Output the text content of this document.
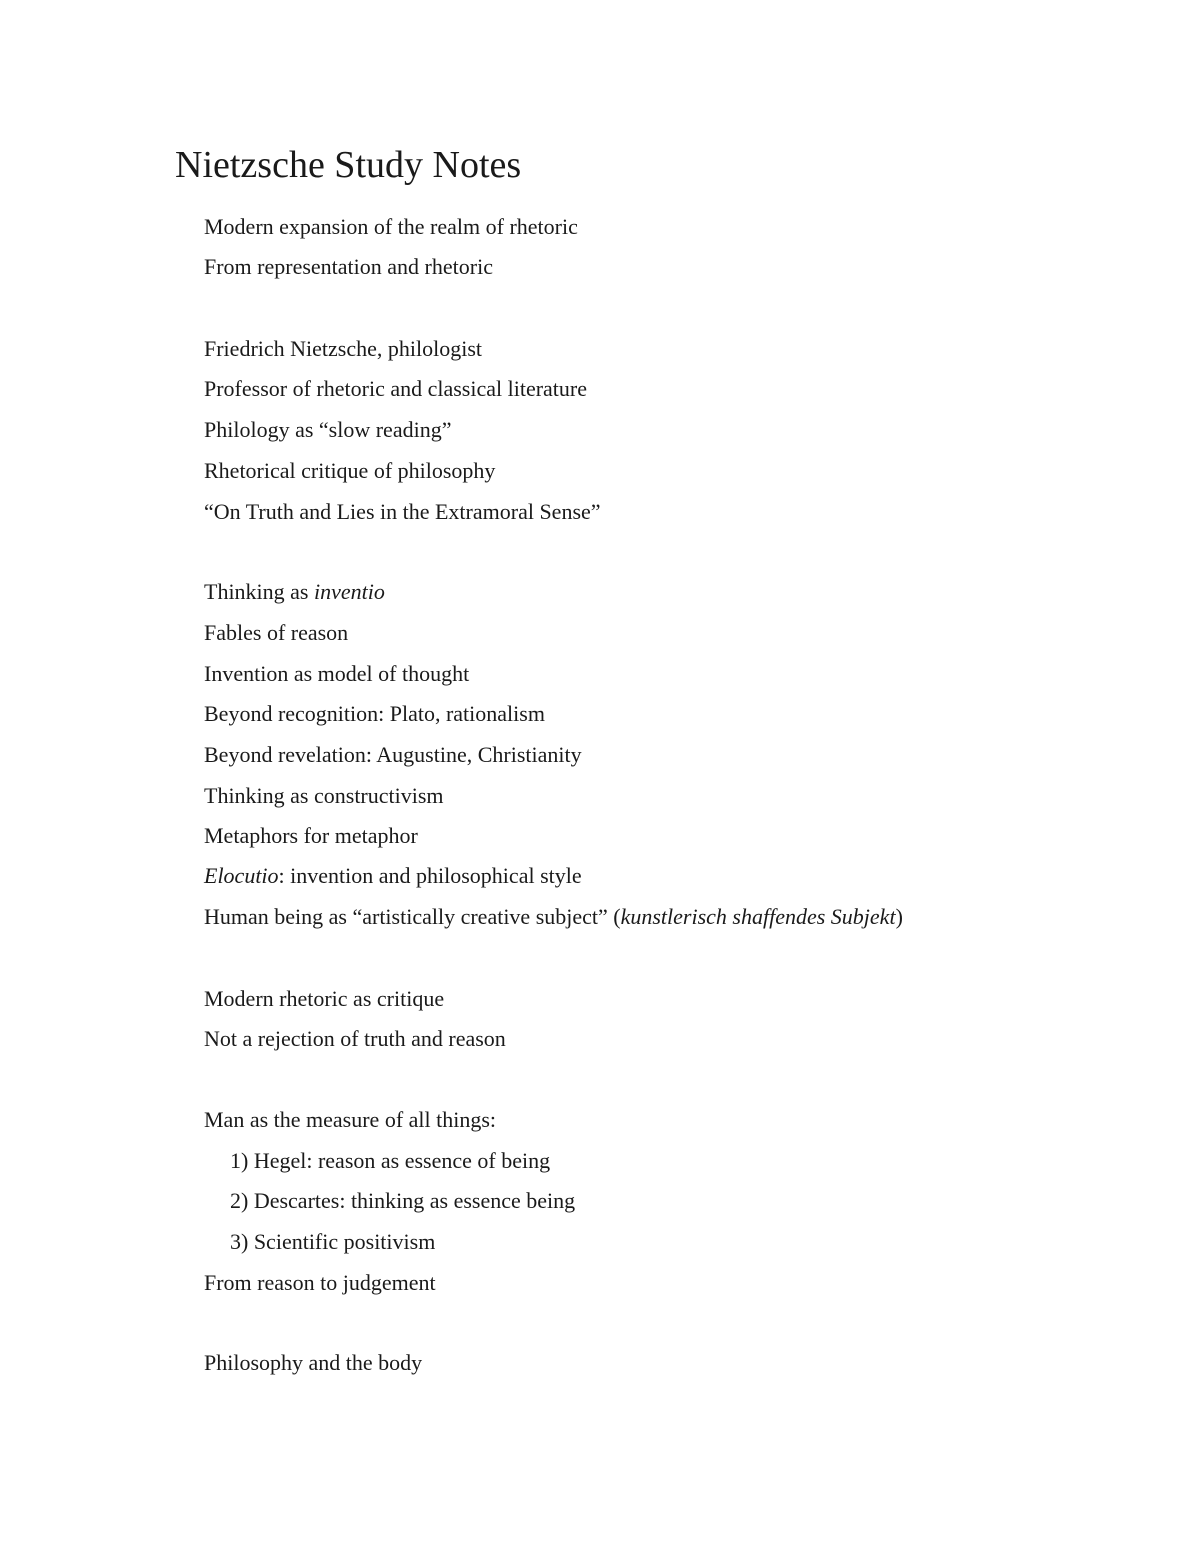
Nietzsche Study Notes

Modern expansion of the realm of rhetoric

From representation and rhetoric

Friedrich Nietzsche, philologist

Professor of rhetoric and classical literature

Philology as “slow reading”

Rhetorical critique of philosophy

“On Truth and Lies in the Extramoral Sense”

Thinking as inventio

Fables of reason

Invention as model of thought

Beyond recognition: Plato, rationalism

Beyond revelation: Augustine, Christianity

Thinking as constructivism

Metaphors for metaphor

Elocutio: invention and philosophical style

Human being as “artistically creative subject” (kunstlerisch shaffendes Subjekt)

Modern rhetoric as critique

Not a rejection of truth and reason

Man as the measure of all things:

1) Hegel: reason as essence of being

2) Descartes: thinking as essence being

3) Scientific positivism

From reason to judgement

Philosophy and the body
